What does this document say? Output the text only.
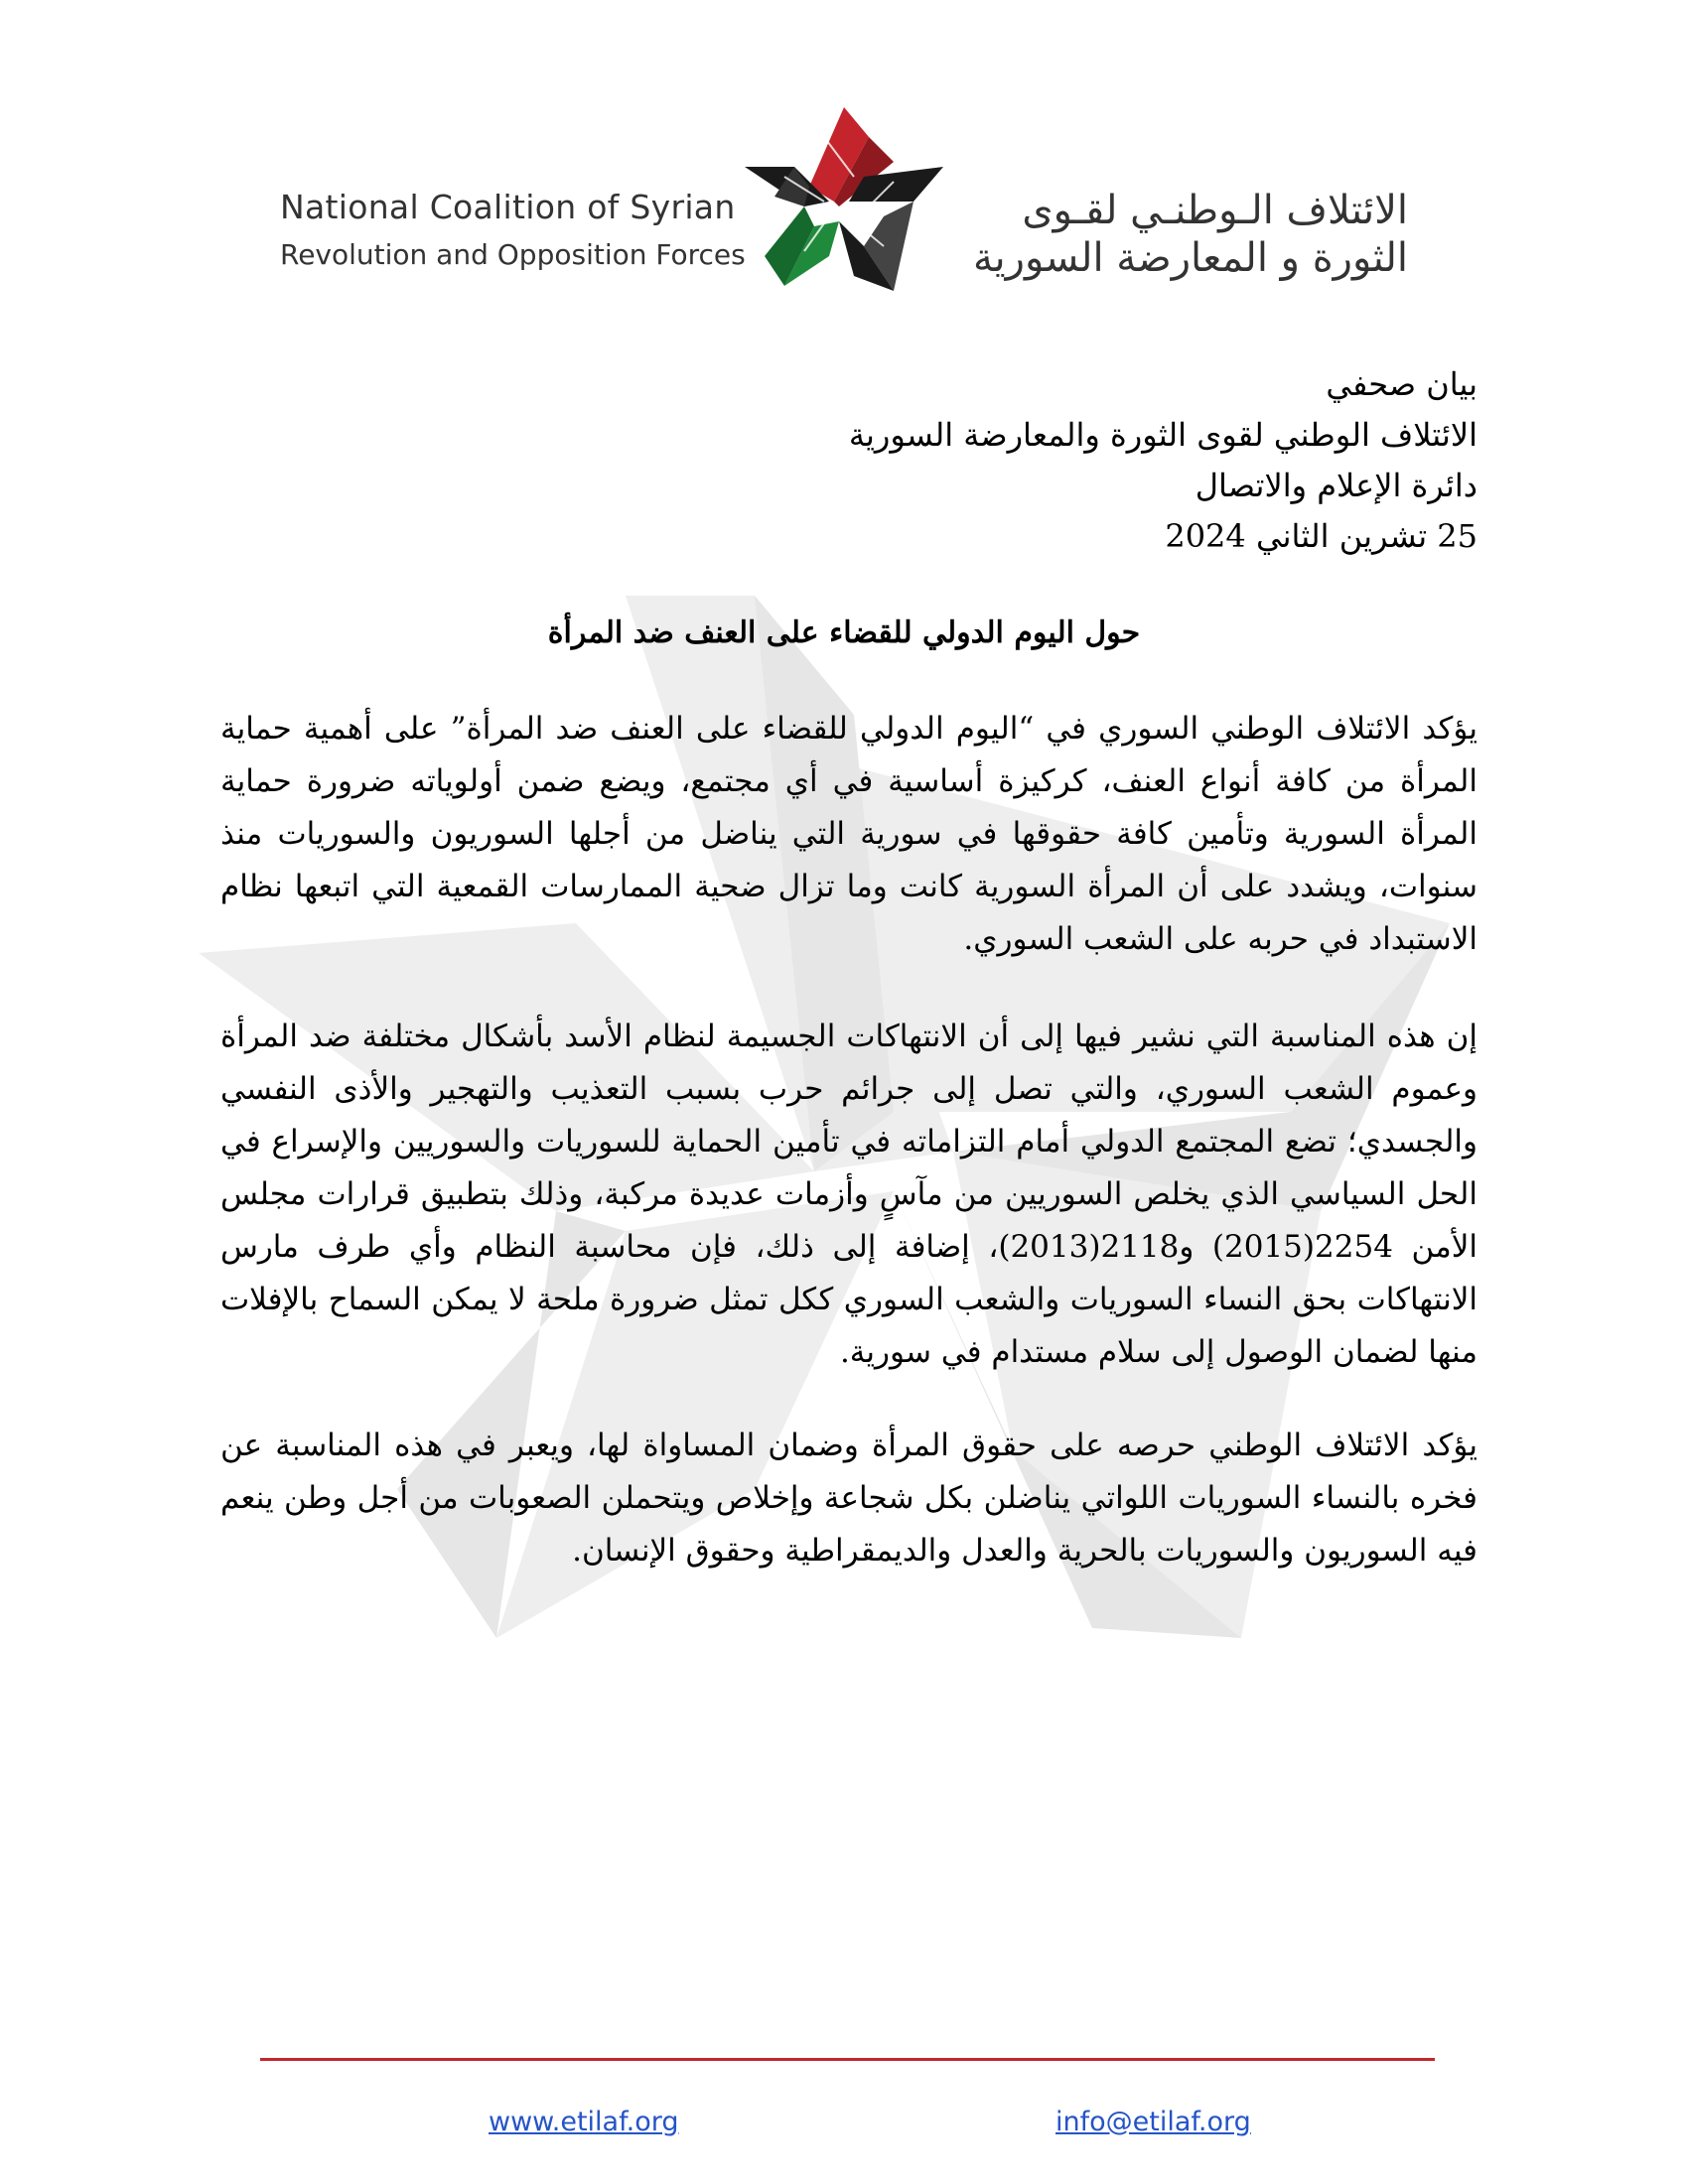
National Coalition of Syrian
Revolution and Opposition Forces
الائتلاف الـوطنـي لقـوى
الثورة و المعارضة السورية
بيان صحفي
الائتلاف الوطني لقوى الثورة والمعارضة السورية
دائرة الإعلام والاتصال
25 تشرين الثاني 2024
حول اليوم الدولي للقضاء على العنف ضد المرأة

يؤكد الائتلاف الوطني السوري في “اليوم الدولي للقضاء على العنف ضد المرأة” على أهمية حماية المرأة من كافة أنواع العنف، كركيزة أساسية في أي مجتمع، ويضع ضمن أولوياته ضرورة حماية المرأة السورية وتأمين كافة حقوقها في سورية التي يناضل من أجلها السوريون والسوريات منذ سنوات، ويشدد على أن المرأة السورية كانت وما تزال ضحية الممارسات القمعية التي اتبعها نظام الاستبداد في حربه على الشعب السوري.

إن هذه المناسبة التي نشير فيها إلى أن الانتهاكات الجسيمة لنظام الأسد بأشكال مختلفة ضد المرأة وعموم الشعب السوري، والتي تصل إلى جرائم حرب بسبب التعذيب والتهجير والأذى النفسي والجسدي؛ تضع المجتمع الدولي أمام التزاماته في تأمين الحماية للسوريات والسوريين والإسراع في الحل السياسي الذي يخلص السوريين من مآسٍ وأزمات عديدة مركبة، وذلك بتطبيق قرارات مجلس الأمن 2254(2015) و2118(2013)، إضافة إلى ذلك، فإن محاسبة النظام وأي طرف مارس الانتهاكات بحق النساء السوريات والشعب السوري ككل تمثل ضرورة ملحة لا يمكن السماح بالإفلات منها لضمان الوصول إلى سلام مستدام في سورية.

يؤكد الائتلاف الوطني حرصه على حقوق المرأة وضمان المساواة لها، ويعبر في هذه المناسبة عن فخره بالنساء السوريات اللواتي يناضلن بكل شجاعة وإخلاص ويتحملن الصعوبات من أجل وطن ينعم فيه السوريون والسوريات بالحرية والعدل والديمقراطية وحقوق الإنسان.

www.etilaf.org	info@etilaf.org
